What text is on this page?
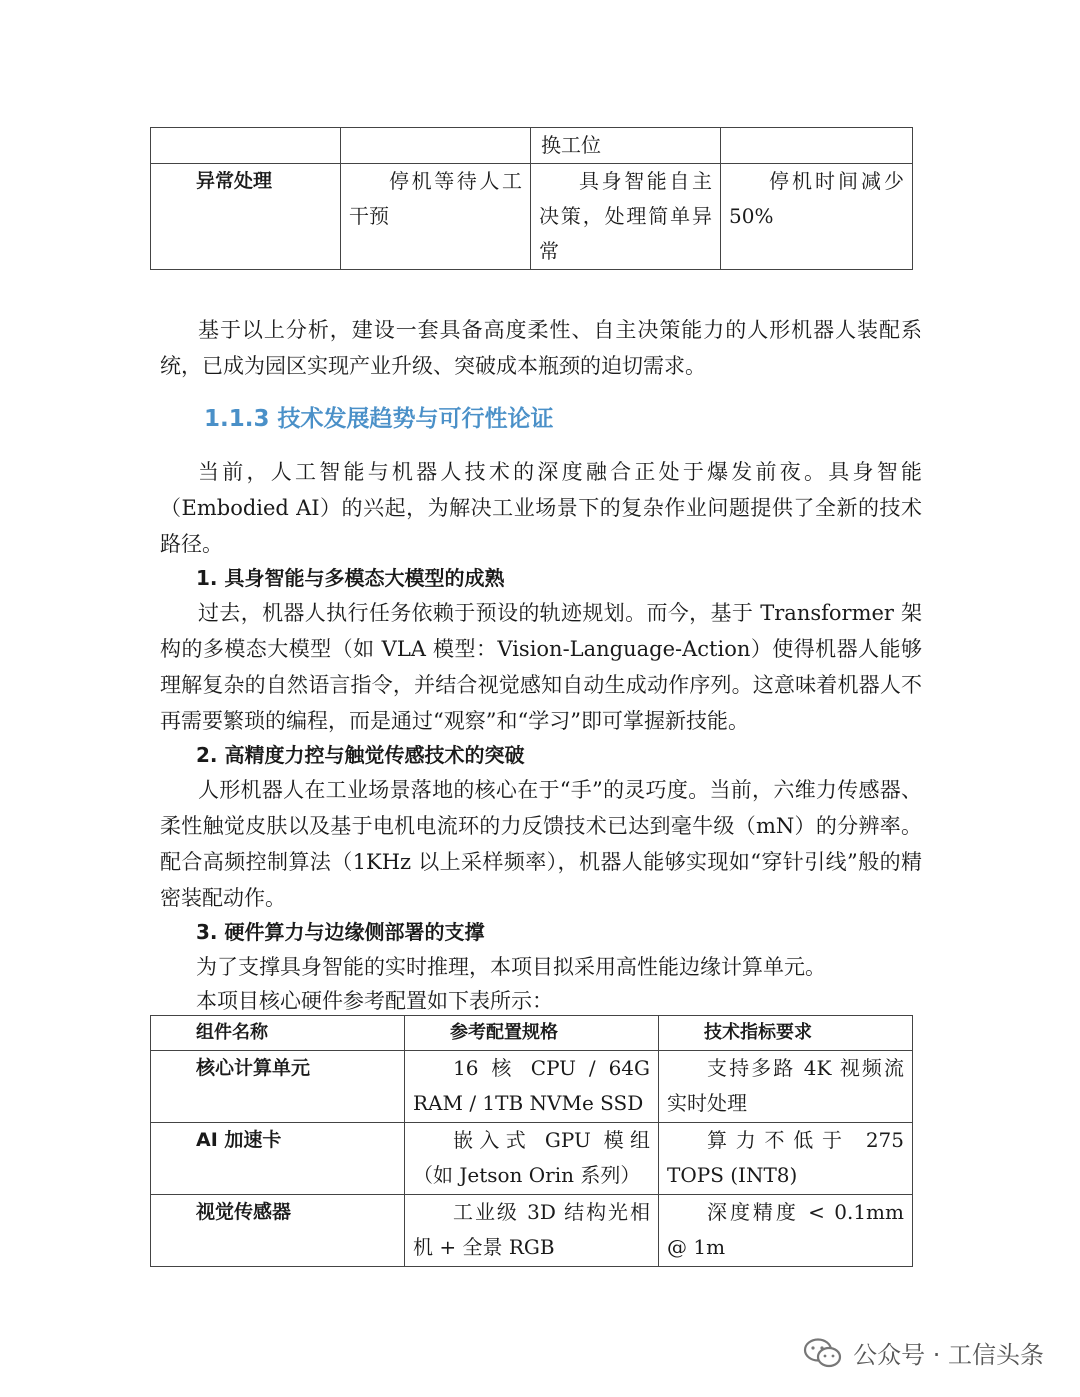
		换工位	
异常处理	停机等待人工干预	具身智能自主决策，处理简单异常	停机时间减少50%

基于以上分析，建设一套具备高度柔性、自主决策能力的人形机器人装配系统，已成为园区实现产业升级、突破成本瓶颈的迫切需求。

1.1.3 技术发展趋势与可行性论证

当前，人工智能与机器人技术的深度融合正处于爆发前夜。具身智能（Embodied AI）的兴起，为解决工业场景下的复杂作业问题提供了全新的技术路径。

1. 具身智能与多模态大模型的成熟

过去，机器人执行任务依赖于预设的轨迹规划。而今，基于 Transformer 架构的多模态大模型（如 VLA 模型：Vision-Language-Action）使得机器人能够理解复杂的自然语言指令，并结合视觉感知自动生成动作序列。这意味着机器人不再需要繁琐的编程，而是通过“观察”和“学习”即可掌握新技能。

2. 高精度力控与触觉传感技术的突破

人形机器人在工业场景落地的核心在于“手”的灵巧度。当前，六维力传感器、柔性触觉皮肤以及基于电机电流环的力反馈技术已达到毫牛级（mN）的分辨率。配合高频控制算法（1KHz 以上采样频率），机器人能够实现如“穿针引线”般的精密装配动作。

3. 硬件算力与边缘侧部署的支撑

为了支撑具身智能的实时推理，本项目拟采用高性能边缘计算单元。

本项目核心硬件参考配置如下表所示：

组件名称	参考配置规格	技术指标要求
核心计算单元	16 核 CPU / 64G RAM / 1TB NVMe SSD	支持多路 4K 视频流实时处理
AI 加速卡	嵌入式 GPU 模组（如 Jetson Orin 系列）	算力不低于 275 TOPS (INT8)
视觉传感器	工业级 3D 结构光相机 + 全景 RGB	深度精度 < 0.1mm @ 1m
公众号 · 工信头条
